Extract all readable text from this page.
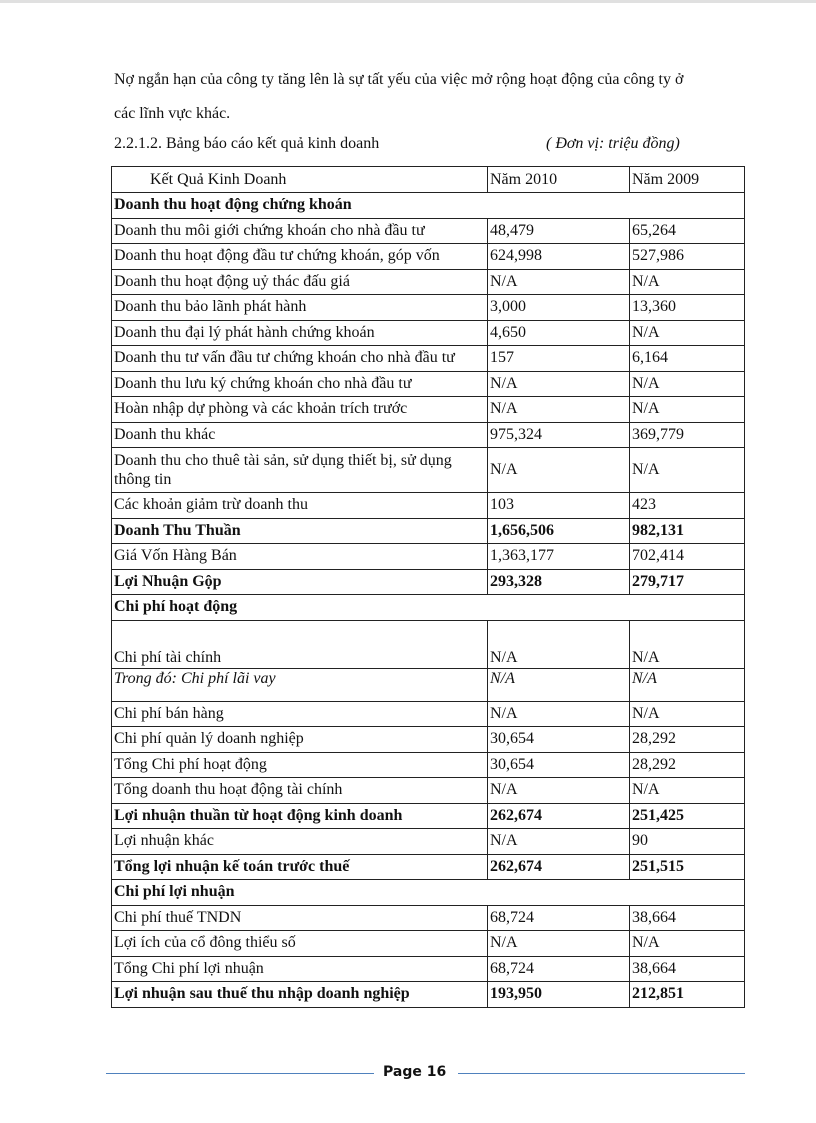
Nợ ngắn hạn của công ty tăng lên là sự tất yếu của việc mở rộng hoạt động của công ty ở
các lĩnh vực khác.
2.2.1.2. Bảng báo cáo kết quả kinh doanh	( Đơn vị: triệu đồng)
Kết Quả Kinh Doanh	Năm 2010	Năm 2009
Doanh thu hoạt động chứng khoán		
Doanh thu môi giới chứng khoán cho nhà đầu tư	48,479	65,264
Doanh thu hoạt động đầu tư chứng khoán, góp vốn	624,998	527,986
Doanh thu hoạt động uỷ thác đấu giá	N/A	N/A
Doanh thu bảo lãnh phát hành	3,000	13,360
Doanh thu đại lý phát hành chứng khoán	4,650	N/A
Doanh thu tư vấn đầu tư chứng khoán cho nhà đầu tư	157	6,164
Doanh thu lưu ký chứng khoán cho nhà đầu tư	N/A	N/A
Hoàn nhập dự phòng và các khoản trích trước	N/A	N/A
Doanh thu khác	975,324	369,779
Doanh thu cho thuê tài sản, sử dụng thiết bị, sử dụng thông tin	N/A	N/A
Các khoản giảm trừ doanh thu	103	423
Doanh Thu Thuần	1,656,506	982,131
Giá Vốn Hàng Bán	1,363,177	702,414
Lợi Nhuận Gộp	293,328	279,717
Chi phí hoạt động		
Chi phí tài chính	N/A	N/A
Trong đó: Chi phí lãi vay	N/A	N/A
Chi phí bán hàng	N/A	N/A
Chi phí quản lý doanh nghiệp	30,654	28,292
Tổng Chi phí hoạt động	30,654	28,292
Tổng doanh thu hoạt động tài chính	N/A	N/A
Lợi nhuận thuần từ hoạt động kinh doanh	262,674	251,425
Lợi nhuận khác	N/A	90
Tổng lợi nhuận kế toán trước thuế	262,674	251,515
Chi phí lợi nhuận		
Chi phí thuế TNDN	68,724	38,664
Lợi ích của cổ đông thiểu số	N/A	N/A
Tổng Chi phí lợi nhuận	68,724	38,664
Lợi nhuận sau thuế thu nhập doanh nghiệp	193,950	212,851
Page 16
